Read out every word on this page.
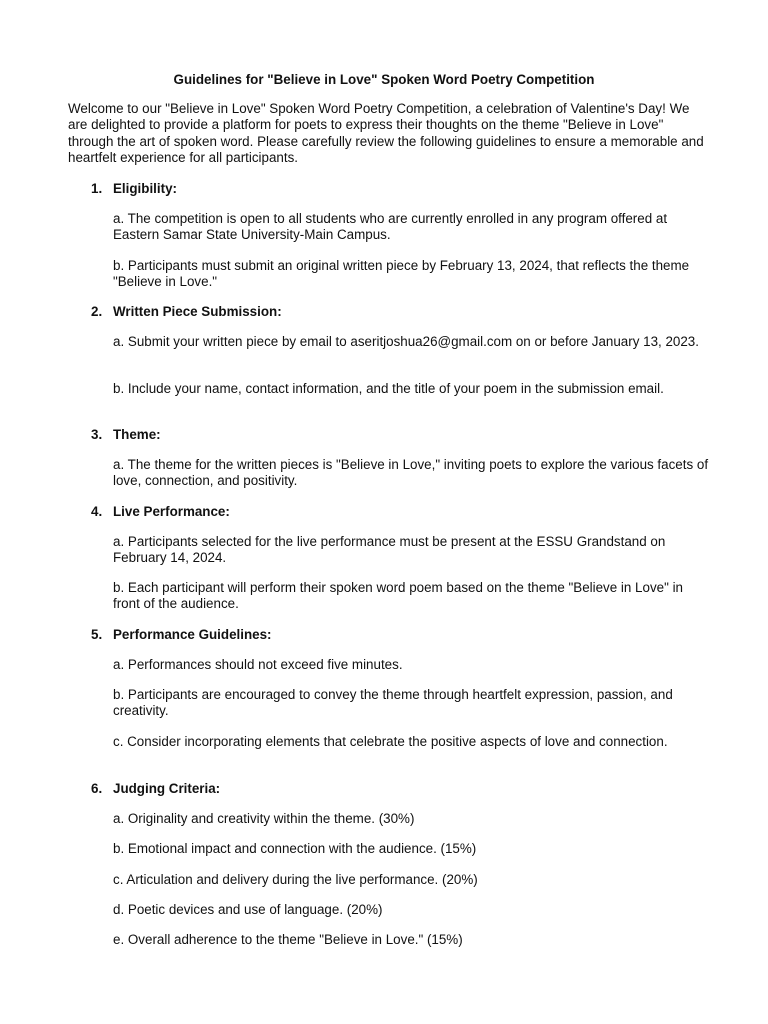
Guidelines for "Believe in Love" Spoken Word Poetry Competition
Welcome to our "Believe in Love" Spoken Word Poetry Competition, a celebration of Valentine's Day! We are delighted to provide a platform for poets to express their thoughts on the theme "Believe in Love" through the art of spoken word. Please carefully review the following guidelines to ensure a memorable and heartfelt experience for all participants.
1. Eligibility:
a. The competition is open to all students who are currently enrolled in any program offered at Eastern Samar State University-Main Campus.
b. Participants must submit an original written piece by February 13, 2024, that reflects the theme "Believe in Love."
2. Written Piece Submission:
a. Submit your written piece by email to aseritjoshua26@gmail.com on or before January 13, 2023.
b. Include your name, contact information, and the title of your poem in the submission email.
3. Theme:
a. The theme for the written pieces is "Believe in Love," inviting poets to explore the various facets of love, connection, and positivity.
4. Live Performance:
a. Participants selected for the live performance must be present at the ESSU Grandstand on February 14, 2024.
b. Each participant will perform their spoken word poem based on the theme "Believe in Love" in front of the audience.
5. Performance Guidelines:
a. Performances should not exceed five minutes.
b. Participants are encouraged to convey the theme through heartfelt expression, passion, and creativity.
c. Consider incorporating elements that celebrate the positive aspects of love and connection.
6. Judging Criteria:
a. Originality and creativity within the theme. (30%)
b. Emotional impact and connection with the audience. (15%)
c. Articulation and delivery during the live performance. (20%)
d. Poetic devices and use of language. (20%)
e. Overall adherence to the theme "Believe in Love." (15%)
